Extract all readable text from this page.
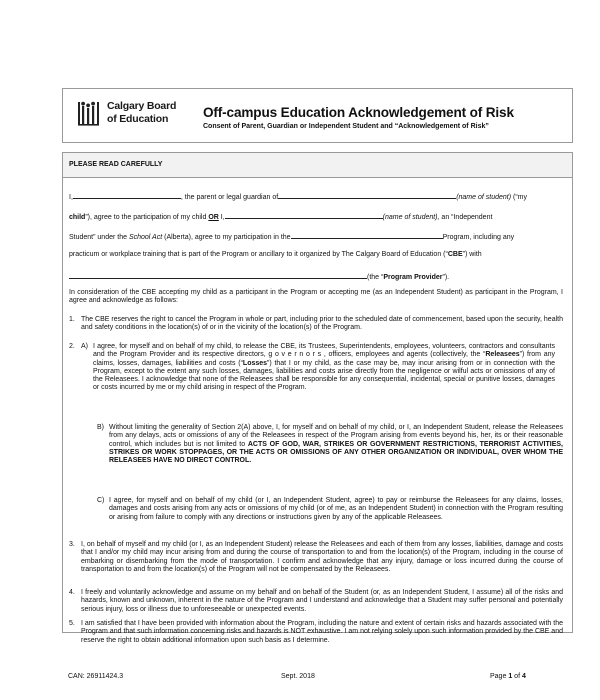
Calgary Board
of Education	Off-campus Education Acknowledgement of Risk
Consent of Parent, Guardian or Independent Student and “Acknowledgement of Risk”
PLEASE READ CAREFULLY
I,	, the parent or legal guardian of	(name of student) (“my
child”), agree to the participation of my child OR I,	(name of student), an “Independent
Student” under the School Act (Alberta), agree to my participation in the	Program, including any
practicum or workplace training that is part of the Program or ancillary to it organized by The Calgary Board of Education (“CBE”) with
(the “Program Provider”).
In consideration of the CBE accepting my child as a participant in the Program or accepting me (as an Independent Student) as participant in the Program, I agree and acknowledge as follows:
1. The CBE reserves the right to cancel the Program in whole or part, including prior to the scheduled date of commencement, based upon the security, health and safety conditions in the location(s) of or in the vicinity of the location(s) of the Program.
2. A) I agree, for myself and on behalf of my child, to release the CBE, its Trustees, Superintendents, employees, volunteers, contractors and consultants and the Program Provider and its respective directors, g o v e r n o r s , officers, employees and agents (collectively, the “Releasees”) from any claims, losses, damages, liabilities and costs (“Losses”) that I or my child, as the case may be, may incur arising from or in connection with the Program, except to the extent any such losses, damages, liabilities and costs arise directly from the negligence or wilful acts or omissions of any of the Releasees. I acknowledge that none of the Releasees shall be responsible for any consequential, incidental, special or punitive losses, damages or costs incurred by me or my child arising in respect of the Program.
B) Without limiting the generality of Section 2(A) above, I, for myself and on behalf of my child, or I, an Independent Student, release the Releasees from any delays, acts or omissions of any of the Releasees in respect of the Program arising from events beyond his, her, its or their reasonable control, which includes but is not limited to ACTS OF GOD, WAR, STRIKES OR GOVERNMENT RESTRICTIONS, TERRORIST ACTIVITIES, STRIKES OR WORK STOPPAGES, OR THE ACTS OR OMISSIONS OF ANY OTHER ORGANIZATION OR INDIVIDUAL, OVER WHOM THE RELEASEES HAVE NO DIRECT CONTROL.
C) I agree, for myself and on behalf of my child (or I, an Independent Student, agree) to pay or reimburse the Releasees for any claims, losses, damages and costs arising from any acts or omissions of my child (or of me, as an Independent Student) in connection with the Program resulting or arising from failure to comply with any directions or instructions given by any of the applicable Releasees.
3. I, on behalf of myself and my child (or I, as an Independent Student) release the Releasees and each of them from any losses, liabilities, damage and costs that I and/or my child may incur arising from and during the course of transportation to and from the location(s) of the Program, including in the course of embarking or disembarking from the mode of transportation. I confirm and acknowledge that any injury, damage or loss incurred during the course of transportation to and from the location(s) of the Program will not be compensated by the Releasees.
4. I freely and voluntarily acknowledge and assume on my behalf and on behalf of the Student (or, as an Independent Student, I assume) all of the risks and hazards, known and unknown, inherent in the nature of the Program and I understand and acknowledge that a Student may suffer personal and potentially serious injury, loss or illness due to unforeseeable or unexpected events.
5. I am satisfied that I have been provided with information about the Program, including the nature and extent of certain risks and hazards associated with the Program and that such information concerning risks and hazards is NOT exhaustive. I am not relying solely upon such information provided by the CBE and reserve the right to obtain additional information upon such basis as I determine.
CAN: 26911424.3	Sept. 2018	Page 1 of 4
